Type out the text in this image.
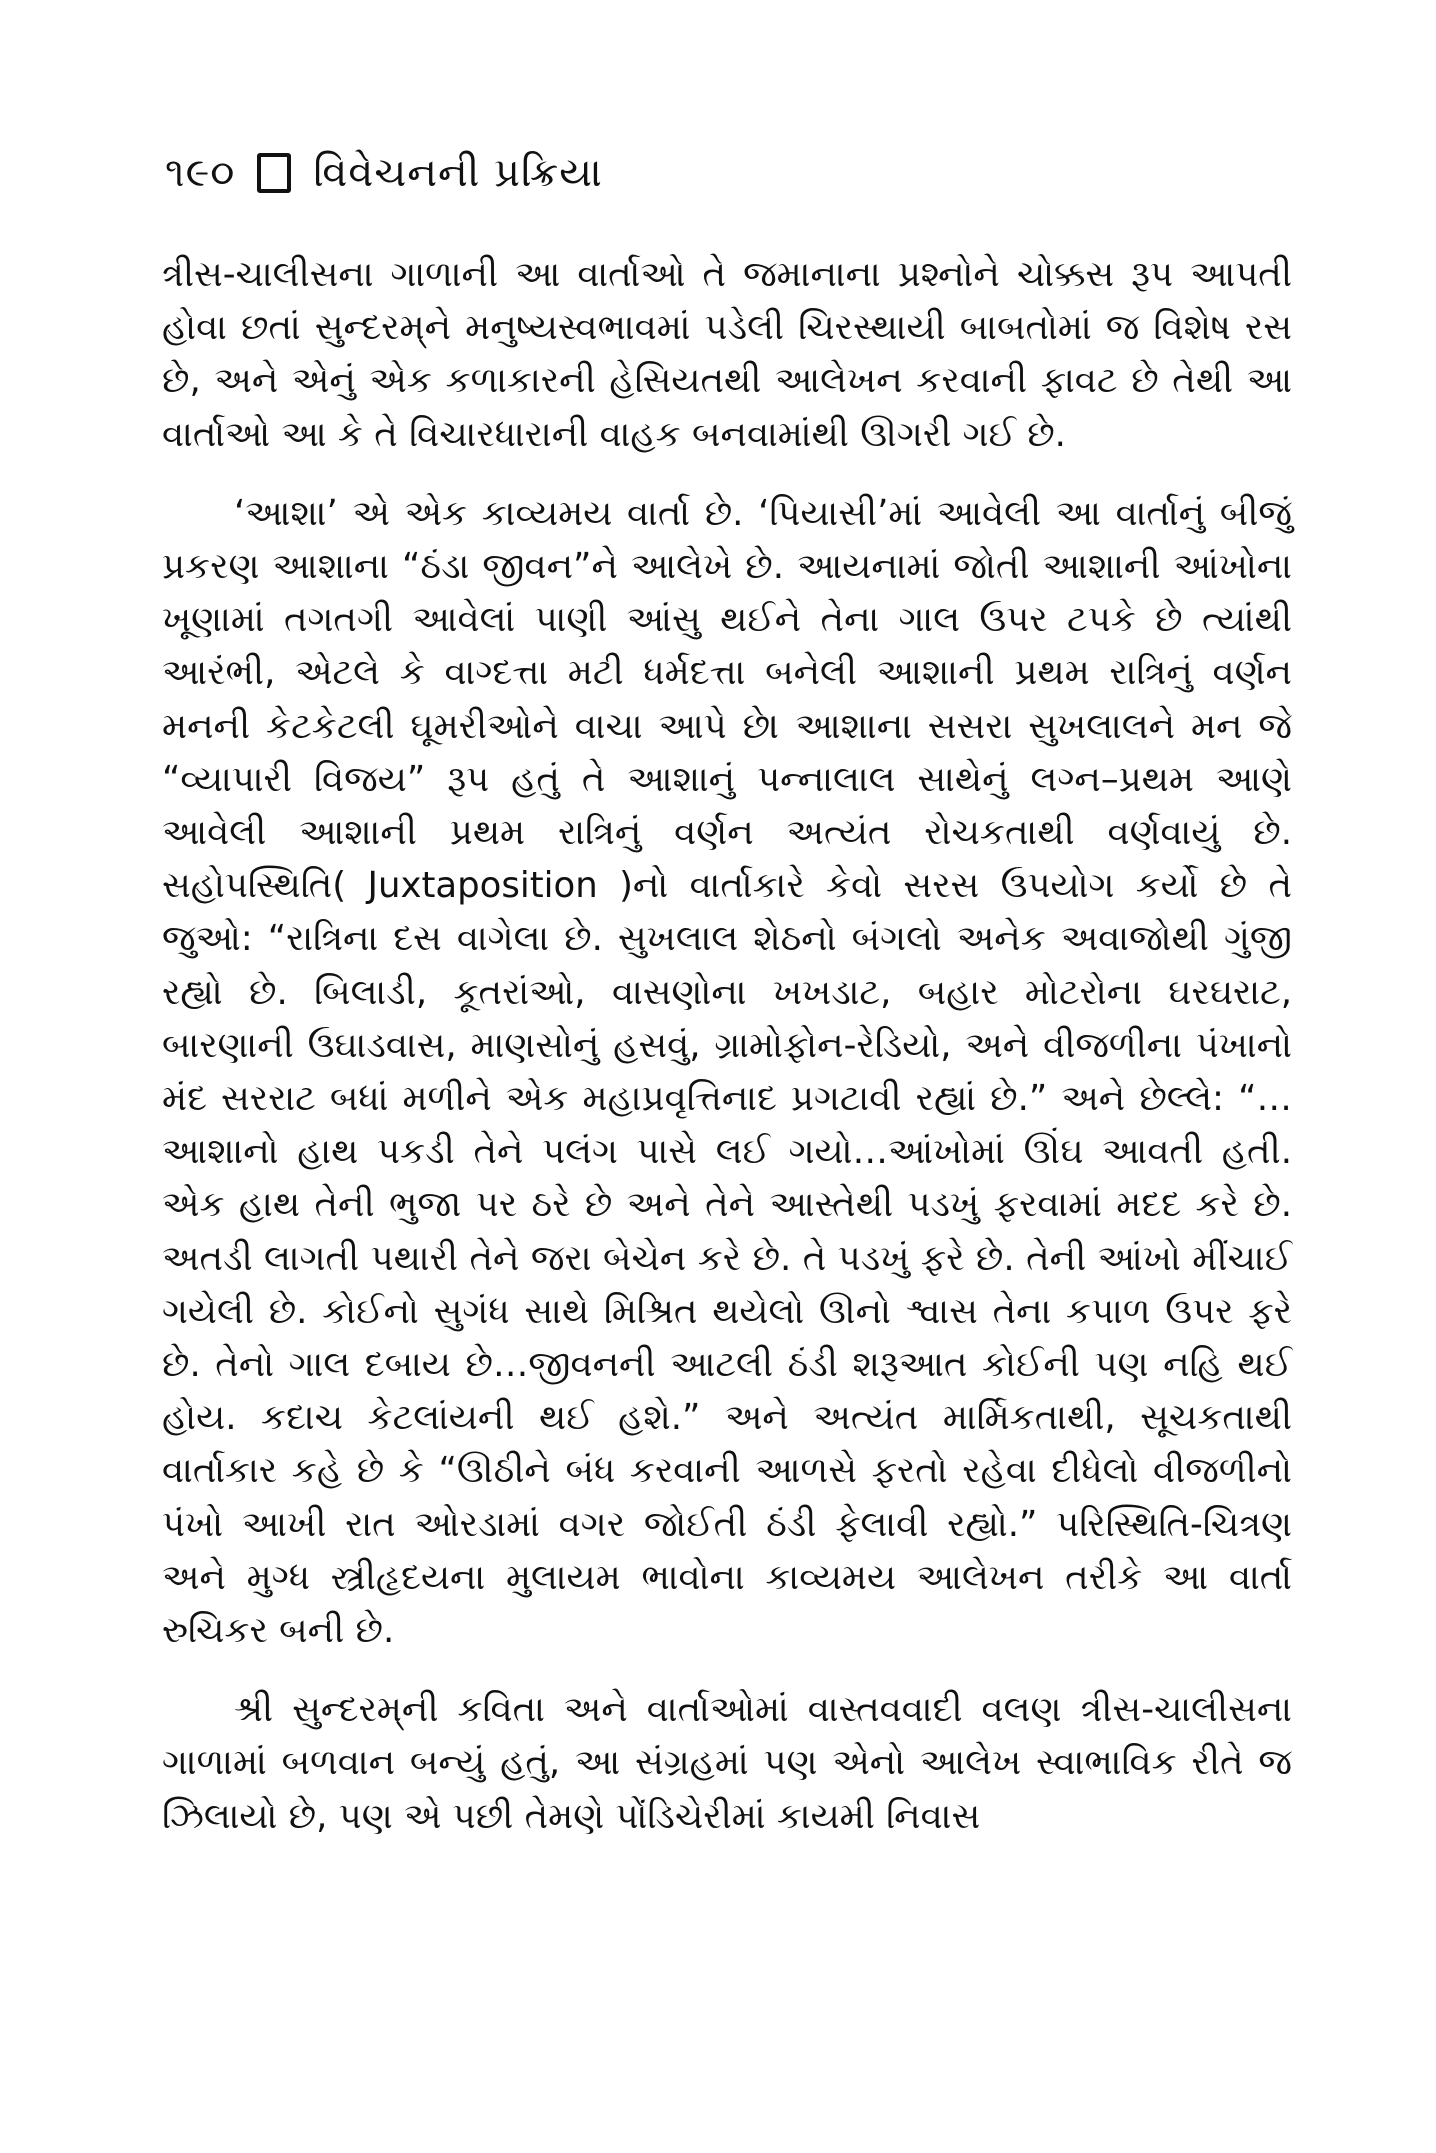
૧૯૦ વિવેચનની પ્રક્રિયા

ત્રીસ-ચાલીસના ગાળાની આ વાર્તાઓ તે જમાનાના પ્રશ્નોને ચોક્કસ રૂપ આપતી હોવા છતાં સુન્દરમ્‌ને મનુષ્યસ્વભાવમાં પડેલી ચિરસ્થાયી બાબતોમાં જ વિશેષ રસ છે, અને એનું એક કળાકારની હેસિયતથી આલેખન કરવાની ફાવટ છે તેથી આ વાર્તાઓ આ કે તે વિચારધારાની વાહક બનવામાંથી ઊગરી ગઈ છે.

‘આશા’ એ એક કાવ્યમય વાર્તા છે. ‘પિયાસી’માં આવેલી આ વાર્તાનું બીજું પ્રકરણ આશાના “ઠંડા જીવન”ને આલેખે છે. આયનામાં જોતી આશાની આંખોના ખૂણામાં તગતગી આવેલાં પાણી આંસુ થઈને તેના ગાલ ઉપર ટપકે છે ત્યાંથી આરંભી, એટલે કે વાગ્દત્તા મટી ધર્મદત્તા બનેલી આશાની પ્રથમ રાત્રિનું વર્ણન મનની કેટકેટલી ઘૂમરીઓને વાચા આપે છે। આશાના સસરા સુખલાલને મન જે “વ્યાપારી વિજય” રૂપ હતું તે આશાનું પન્નાલાલ સાથેનું લગ્ન–પ્રથમ આણે આવેલી આશાની પ્રથમ રાત્રિનું વર્ણન અત્યંત રોચકતાથી વર્ણવાયું છે. સહોપસ્થિતિ( Juxtaposition )નો વાર્તાકારે કેવો સરસ ઉપયોગ કર્યો છે તે જુઓ: “રાત્રિના દસ વાગેલા છે. સુખલાલ શેઠનો બંગલો અનેક અવાજોથી ગુંજી રહ્યો છે. બિલાડી, કૂતરાંઓ, વાસણોના ખખડાટ, બહાર મોટરોના ઘરઘરાટ, બારણાની ઉઘાડવાસ, માણસોનું હસવું, ગ્રામોફોન-રેડિયો, અને વીજળીના પંખાનો મંદ સરરાટ બધાં મળીને એક મહાપ્રવૃત્તિનાદ પ્રગટાવી રહ્યાં છે.” અને છેલ્લે: “…આશાનો હાથ પકડી તેને પલંગ પાસે લઈ ગયો…આંખોમાં ઊંઘ આવતી હતી. એક હાથ તેની ભુજા પર ઠરે છે અને તેને આસ્તેથી પડખું ફરવામાં મદદ કરે છે. અતડી લાગતી પથારી તેને જરા બેચેન કરે છે. તે પડખું ફરે છે. તેની આંખો મીંચાઈ ગયેલી છે. કોઈનો સુગંધ સાથે મિશ્રિત થયેલો ઊનો શ્વાસ તેના કપાળ ઉપર ફરે છે. તેનો ગાલ દબાય છે…જીવનની આટલી ઠંડી શરૂઆત કોઈની પણ નહિ થઈ હોય. કદાચ કેટલાંયની થઈ હશે.” અને અત્યંત માર્મિકતાથી, સૂચકતાથી વાર્તાકાર કહે છે કે “ઊઠીને બંધ કરવાની આળસે ફરતો રહેવા દીધેલો વીજળીનો પંખો આખી રાત ઓરડામાં વગર જોઈતી ઠંડી ફેલાવી રહ્યો.” પરિસ્થિતિ-ચિત્રણ અને મુગ્ધ સ્ત્રીહૃદયના મુલાયમ ભાવોના કાવ્યમય આલેખન તરીકે આ વાર્તા રુચિકર બની છે.

શ્રી સુન્દરમ્‌ની કવિતા અને વાર્તાઓમાં વાસ્તવવાદી વલણ ત્રીસ-ચાલીસના ગાળામાં બળવાન બન્યું હતું, આ સંગ્રહમાં પણ એનો આલેખ સ્વાભાવિક રીતે જ ઝિલાયો છે, પણ એ પછી તેમણે પોંડિચેરીમાં કાયમી નિવાસ
